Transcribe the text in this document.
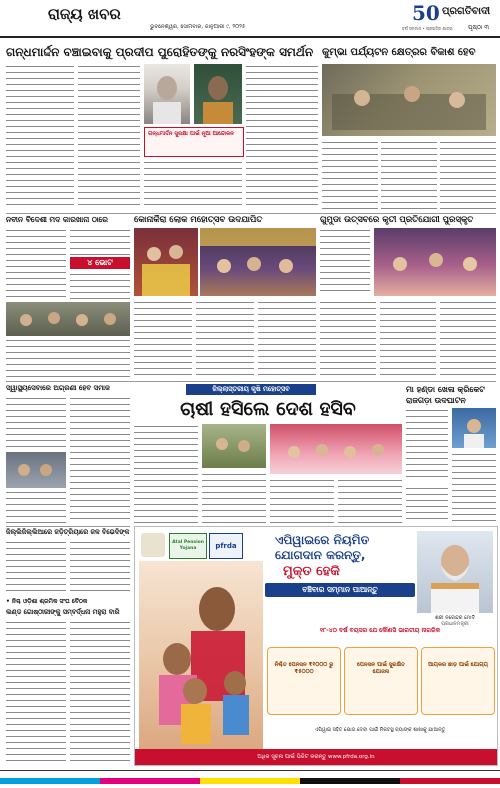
ରାଜ୍ୟ ଖବର
ଭୁବନେଶ୍ୱର, ସୋମବାର, ଜାନୁଆରୀ ୯, ୨୦୨୫
50
ବର୍ଷ ସମ୍ମାନ • ପ୍ରଗତିର ଯାତ୍ରା
ପ୍ରଗତିବାଦୀ
ପୃଷ୍ଠା ୩
ଗନ୍ଧମାର୍ଦ୍ଦନ ବଞ୍ଚାଇବାକୁ ପ୍ରଦୀପ ପୁରୋହିତଙ୍କୁ ନରସିଂହଙ୍କ ସମର୍ଥନ
ଗନ୍ଧମାର୍ଦ୍ଦନ ସୁରକ୍ଷା ପାଇଁ ନୂଆ ଆନ୍ଦୋଳନ
କୁମ୍ଭା ପର୍ଯ୍ୟଟନ କ୍ଷେତ୍ରର ବିକାଶ ହେବ
ନବୀନ ବିଦେଶୀ ମଦ କାରଖାନା ଠାରେ
୪ ଭୋଟ
କୋନାର୍କିରା ଲୋକ ମହୋତ୍ସବ ଉଦଯାପିତ	ଗୁମୁଡା ଉତ୍ସବରେ କୃତୀ ପ୍ରତିଯୋଗୀ ପୁରସ୍କୃତ
ସ୍ୱାସ୍ଥ୍ୟସେବାରେ ଅଗ୍ରଣୀ ହେବ ସମାଜ	ଜିଲ୍ଲାସ୍ତରୀୟ କୃଷି ମହୋତ୍ସବ
ଚାଷୀ ହସିଲେ ଦେଶ ହସିବ
ମା ହଣ୍ଡା ଖେଳା କ୍ରିକେଟ ରାଜଗଡ଼ା ଉଦଘାଟନ
ଜିଲ୍ଲିଜିଲ୍ଲିଆରେ ଜଡ଼ିତ୍ରିୟାରେ ଜଳ ବିଭେଦିଙ୍କ
• ନିଶ୍ଚ ଓଡ଼ିଶା ଶ୍ରମିକ ସଂଘ ବୈଠକ
ଲଣ୍ଡ ଗୋଷ୍ଠୀରୀଙ୍କୁ ସମ୍ବର୍ଦ୍ଧନା ମହୁରା ବାରି
Atal Pension Yojana	pfrda	ଏପିୱାଇରେ ନିୟମିତ
ଯୋଗଦାନ କରନ୍ତୁ,
ମୁକ୍ତ ହେକି
ବଞ୍ଚିବାର ସମ୍ମାନ ପାଆନ୍ତୁ
ଶ୍ରୀ ନରେନ୍ଦ୍ର ମୋଦି
ପ୍ରଧାନମନ୍ତ୍ରୀ
୧୮-୪୦ ବର୍ଷ ବୟସର ଯେ କୌଣସି ଭାରତୀୟ ନାଗରିକ
ନିଶ୍ଚିତ ପେନସନ ₹୧୦୦୦ ରୁ ₹୫୦୦୦
ପେନସନ ପାଇଁ ସୁରକ୍ଷିତ ଯୋଜନା
ଆୟକର ଛାଡ଼ ପାଇଁ ଯୋଗ୍ୟ
ଏପିୱାଇ ସହିତ ଯୋଗ ଦେବା ପାଇଁ ନିକଟସ୍ଥ ବ୍ୟାଙ୍କ ଶାଖାକୁ ଯାଆନ୍ତୁ
ଅଧିକ ସୂଚନା ପାଇଁ ଭିଜିଟ କରନ୍ତୁ www.pfrda.org.in
